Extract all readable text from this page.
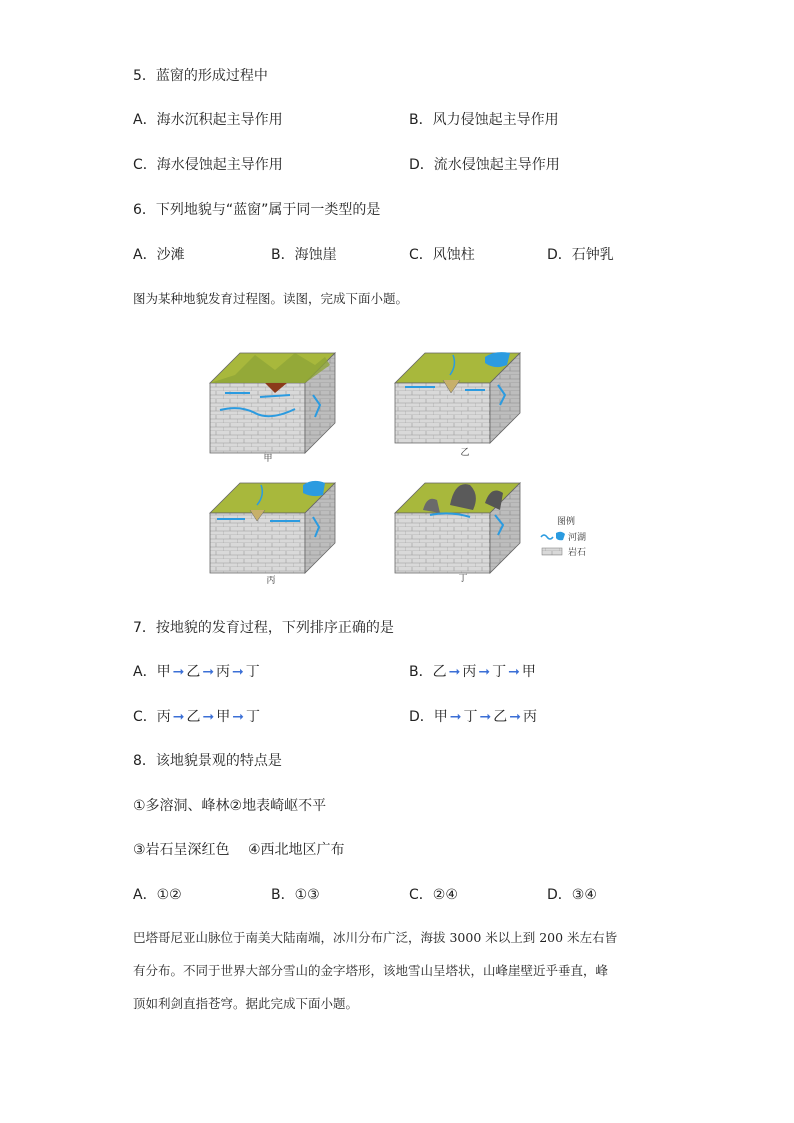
5．蓝窗的形成过程中
A．海水沉积起主导作用	B．风力侵蚀起主导作用
C．海水侵蚀起主导作用	D．流水侵蚀起主导作用
6．下列地貌与“蓝窗”属于同一类型的是
A．沙滩	B．海蚀崖	C．风蚀柱	D．石钟乳
图为某种地貌发育过程图。读图，完成下面小题。
甲
乙
丙	丁
图例
河湖
岩石
7．按地貌的发育过程，下列排序正确的是
A．甲 ➞ 乙 ➞ 丙 ➞ 丁	B．乙 ➞ 丙 ➞ 丁 ➞ 甲
C．丙 ➞ 乙 ➞ 甲 ➞ 丁	D．甲 ➞ 丁 ➞ 乙 ➞ 丙
8．该地貌景观的特点是
①多溶洞、峰林②地表崎岖不平
③岩石呈深红色　 ④西北地区广布
A．①②	B．①③	C．②④	D．③④
巴塔哥尼亚山脉位于南美大陆南端，冰川分布广泛，海拔 3000 米以上到 200 米左右皆
有分布。不同于世界大部分雪山的金字塔形，该地雪山呈塔状，山峰崖壁近乎垂直，峰
顶如利剑直指苍穹。据此完成下面小题。
